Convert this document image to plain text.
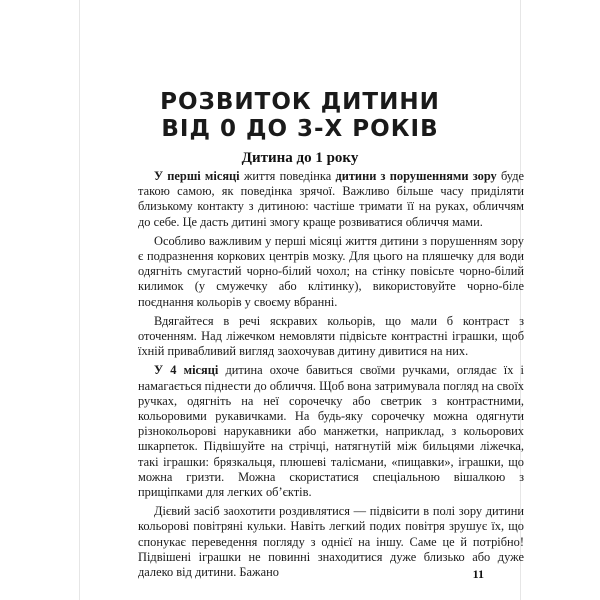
РОЗВИТОК ДИТИНИ
ВІД 0 ДО 3-Х РОКІВ
Дитина до 1 року

У перші місяці життя поведінка дитини з порушеннями зору буде такою самою, як поведінка зрячої. Важливо більше часу приділяти близькому контакту з дитиною: частіше тримати її на руках, обличчям до себе. Це дасть дитині змогу краще розвиватися обличчя мами.

Особливо важливим у перші місяці життя дитини з порушенням зору є подразнення коркових центрів мозку. Для цього на пляшечку для води одягніть смугастий чорно-білий чохол; на стінку повісьте чорно-білий килимок (у смужечку або клітинку), використовуйте чорно-біле поєднання кольорів у своєму вбранні.

Вдягайтеся в речі яскравих кольорів, що мали б контраст з оточенням. Над ліжечком немовляти підвісьте контрастні іграшки, щоб їхній привабливий вигляд заохочував дитину дивитися на них.

У 4 місяці дитина охоче бавиться своїми ручками, оглядає їх і намагається піднести до обличчя. Щоб вона затримувала погляд на своїх ручках, одягніть на неї сорочечку або светрик з контрастними, кольоровими рукавичками. На будь-яку сорочечку можна одягнути різнокольорові нарукавники або манжетки, наприклад, з кольорових шкарпеток. Підвішуйте на стрічці, натягнутій між бильцями ліжечка, такі іграшки: брязкальця, плюшеві талісмани, «пищавки», іграшки, що можна гризти. Можна скористатися спеціальною вішалкою з прищіпками для легких об’єктів.

Дієвий засіб заохотити роздивлятися — підвісити в полі зору дитини кольорові повітряні кульки. Навіть легкий подих повітря зрушує їх, що спонукає переведення погляду з однієї на іншу. Саме це й потрібно! Підвішені іграшки не повинні знаходитися дуже близько або дуже далеко від дитини. Бажано	11
